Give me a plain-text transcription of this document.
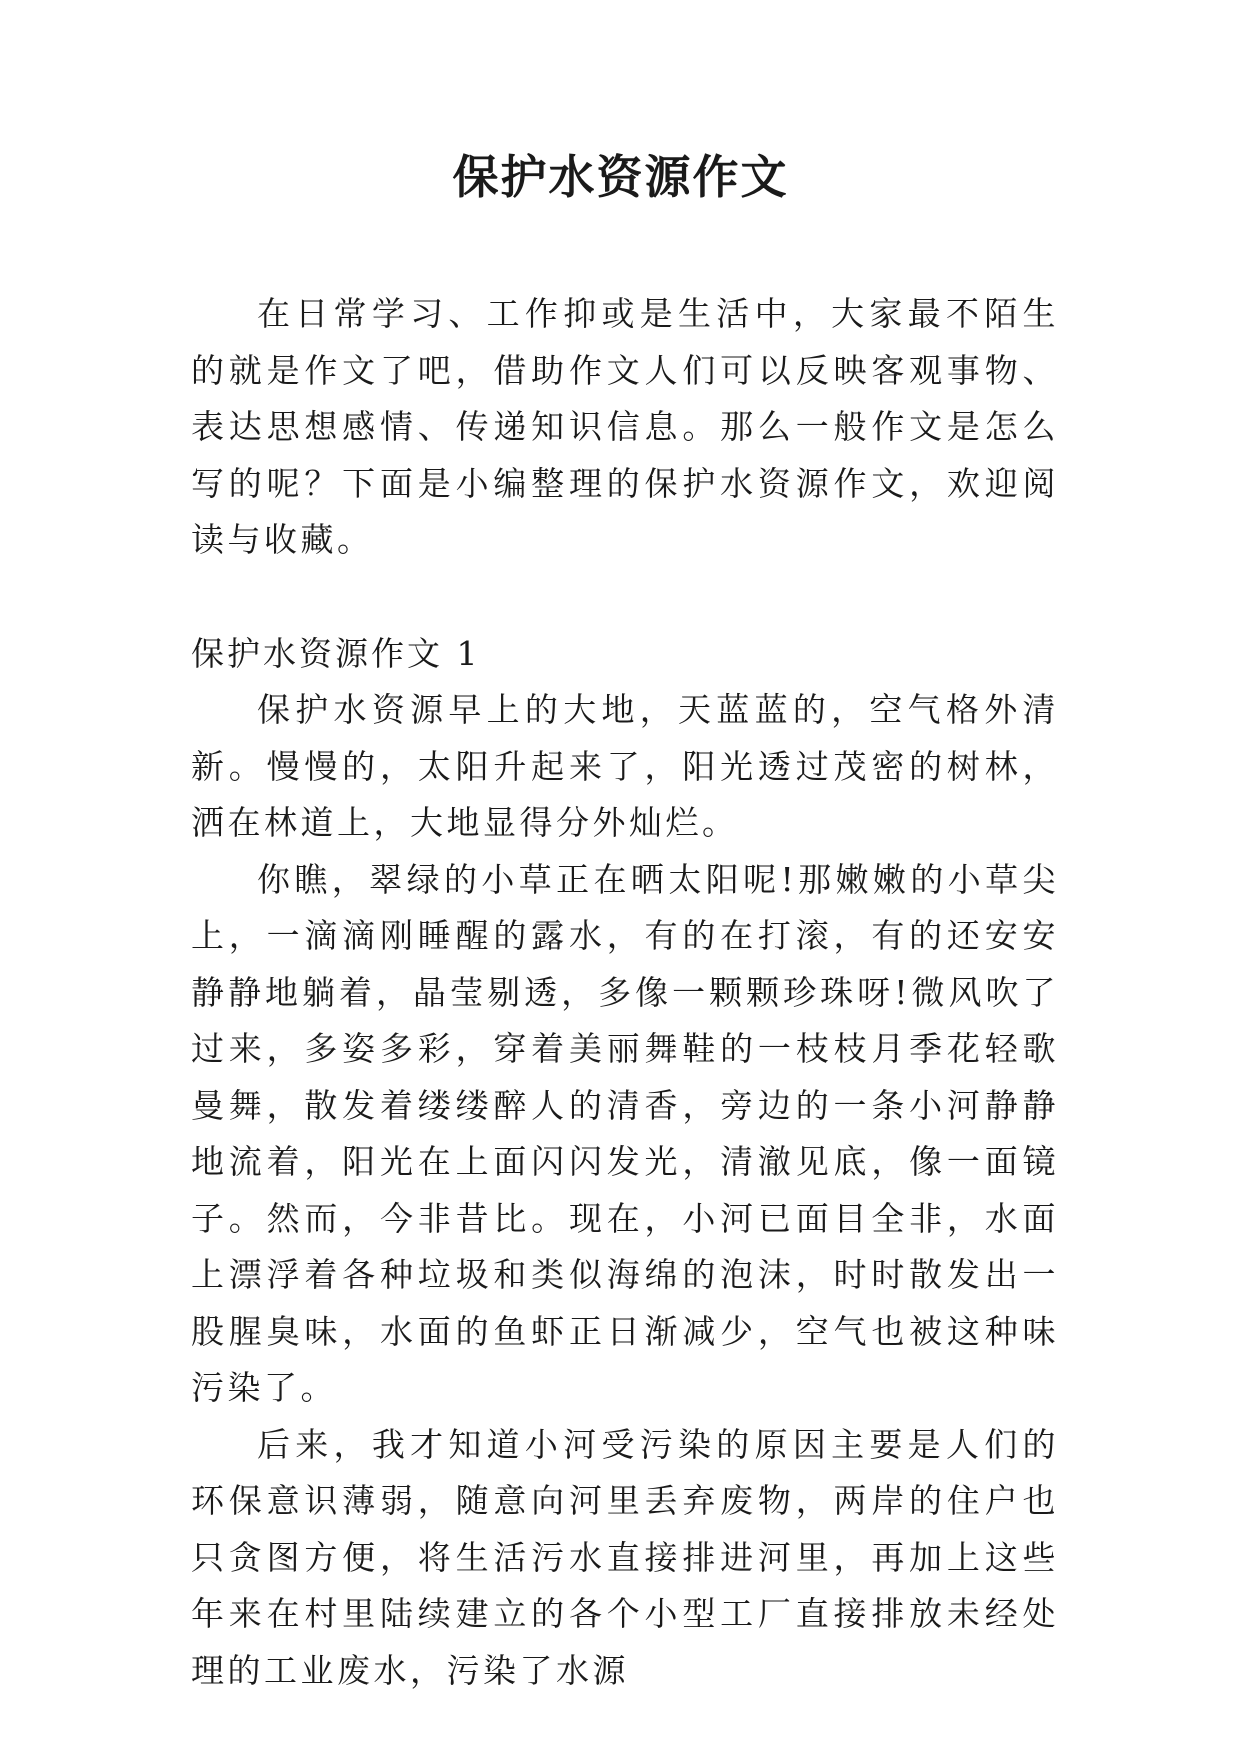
保护水资源作文

在日常学习、工作抑或是生活中，大家最不陌生的就是作文了吧，借助作文人们可以反映客观事物、表达思想感情、传递知识信息。那么一般作文是怎么写的呢？下面是小编整理的保护水资源作文，欢迎阅读与收藏。

保护水资源作文 1

保护水资源早上的大地，天蓝蓝的，空气格外清新。慢慢的，太阳升起来了，阳光透过茂密的树林，洒在林道上，大地显得分外灿烂。

你瞧，翠绿的小草正在晒太阳呢!那嫩嫩的小草尖上，一滴滴刚睡醒的露水，有的在打滚，有的还安安静静地躺着，晶莹剔透，多像一颗颗珍珠呀!微风吹了过来，多姿多彩，穿着美丽舞鞋的一枝枝月季花轻歌曼舞，散发着缕缕醉人的清香，旁边的一条小河静静地流着，阳光在上面闪闪发光，清澈见底，像一面镜子。然而，今非昔比。现在，小河已面目全非，水面上漂浮着各种垃圾和类似海绵的泡沫，时时散发出一股腥臭味，水面的鱼虾正日渐减少，空气也被这种味污染了。

后来，我才知道小河受污染的原因主要是人们的环保意识薄弱，随意向河里丢弃废物，两岸的住户也只贪图方便，将生活污水直接排进河里，再加上这些年来在村里陆续建立的各个小型工厂直接排放未经处理的工业废水，污染了水源
